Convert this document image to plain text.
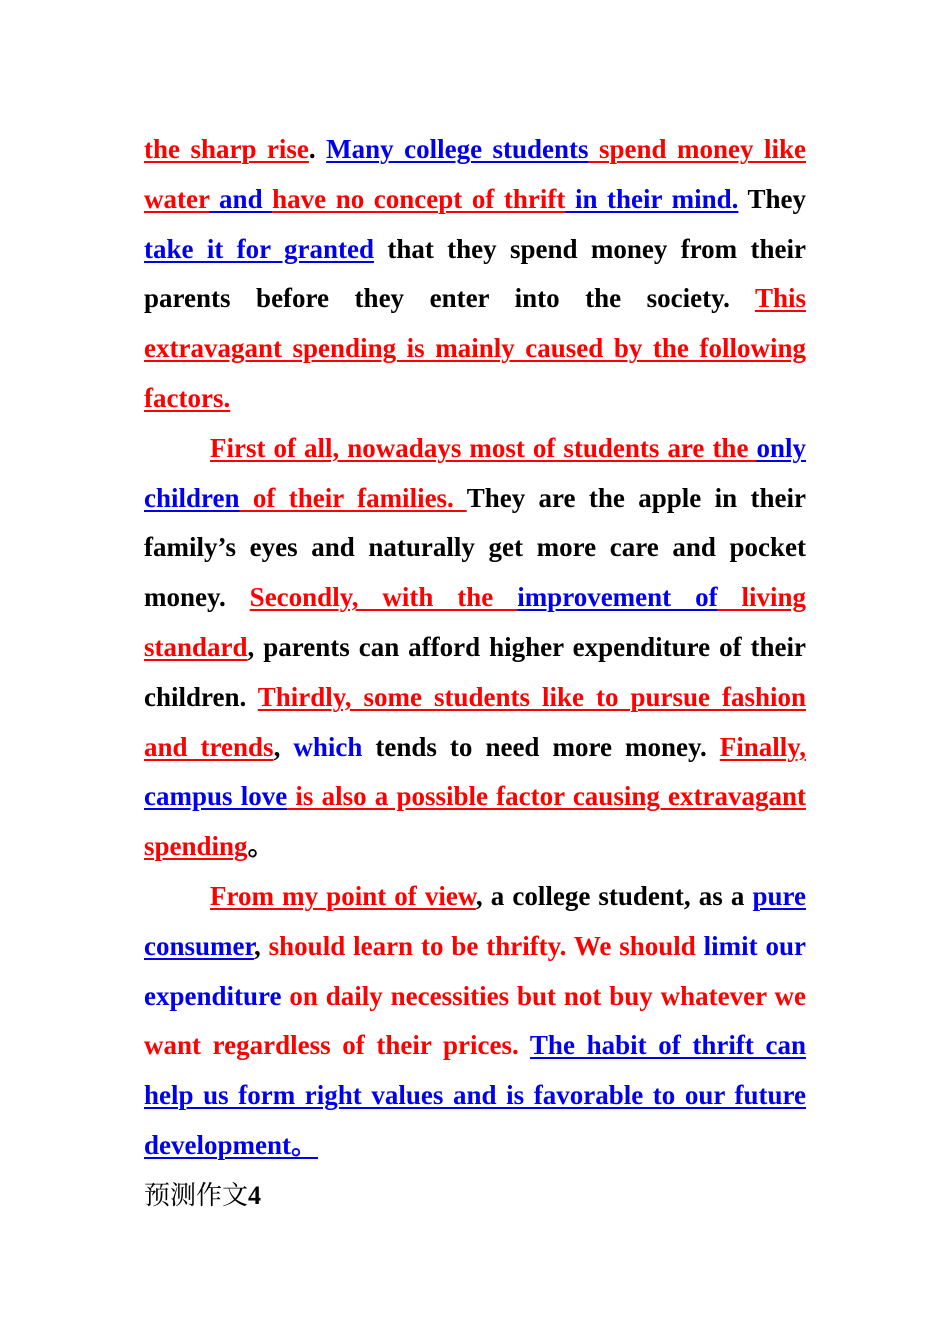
the sharp rise. Many college students spend money like water and have no concept of thrift in their mind. They take it for granted that they spend money from their parents before they enter into the society. This extravagant spending is mainly caused by the following factors.

First of all, nowadays most of students are the only children of their families. They are the apple in their family’s eyes and naturally get more care and pocket money. Secondly, with the improvement of living standard, parents can afford higher expenditure of their children. Thirdly, some students like to pursue fashion and trends, which tends to need more money. Finally, campus love is also a possible factor causing extravagant spending。

From my point of view, a college student, as a pure consumer, should learn to be thrifty. We should limit our expenditure on daily necessities but not buy whatever we want regardless of their prices. The habit of thrift can help us form right values and is favorable to our future development。

预测作文4
